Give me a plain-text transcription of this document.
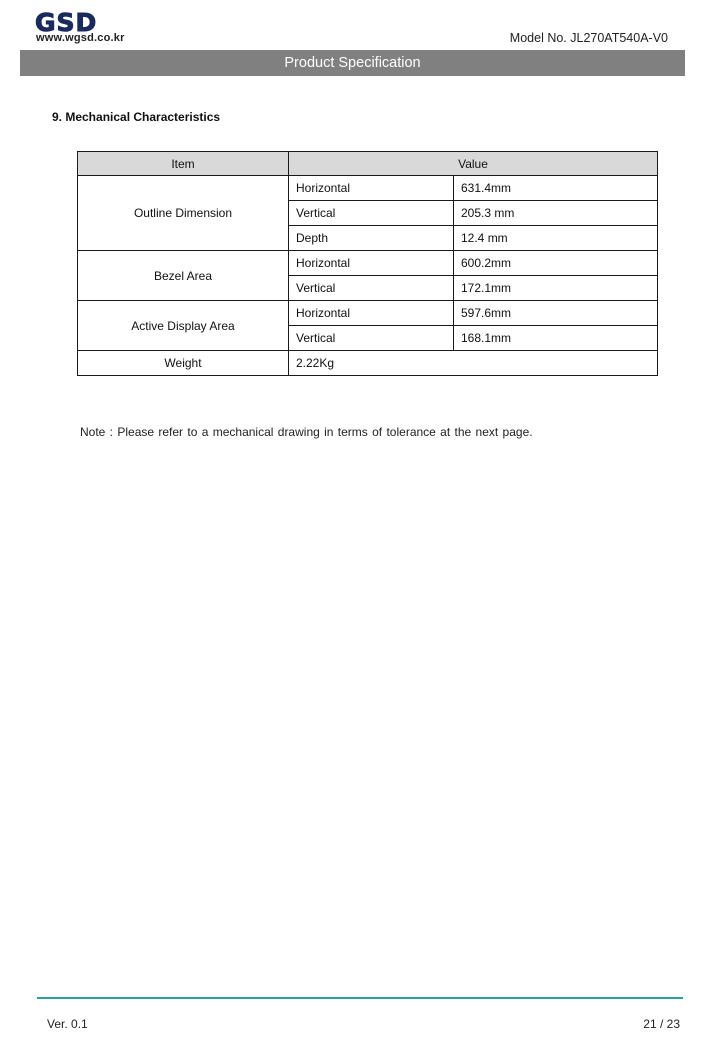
GSD
www.wgsd.co.kr	Model No. JL270AT540A-V0
Product Specification
9. Mechanical Characteristics
Item	Value	
Outline Dimension	Horizontal	631.4mm
	Vertical	205.3 mm
	Depth	12.4 mm
Bezel Area	Horizontal	600.2mm
	Vertical	172.1mm
Active Display Area	Horizontal	597.6mm
	Vertical	168.1mm
Weight	2.22Kg	
Note : Please refer to a mechanical drawing in terms of tolerance at the next page.
Ver. 0.1	21 / 23
